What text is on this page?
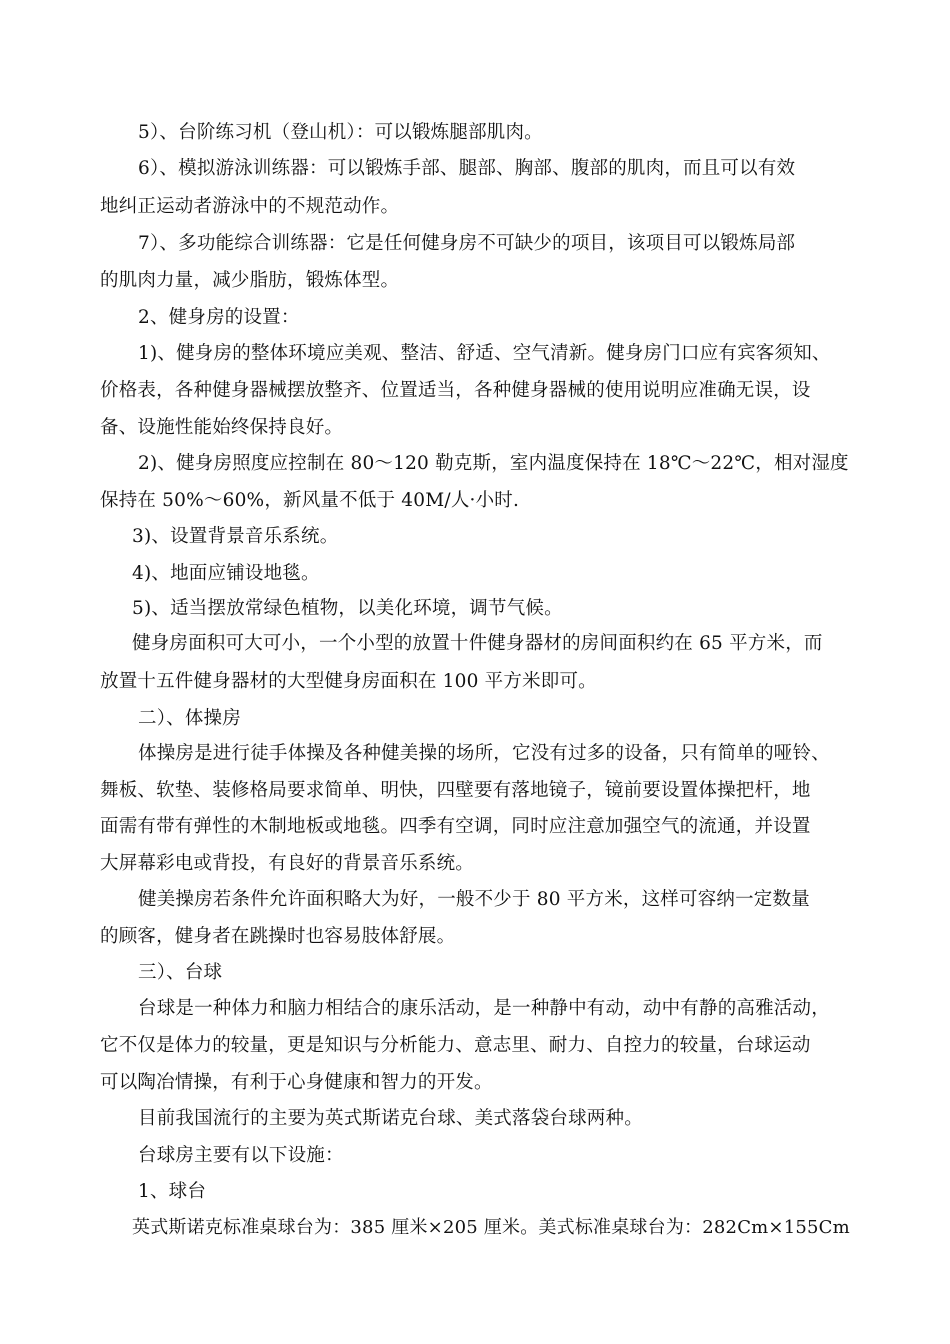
5）、台阶练习机（登山机）：可以锻炼腿部肌肉。
6）、模拟游泳训练器：可以锻炼手部、腿部、胸部、腹部的肌肉，而且可以有效
地纠正运动者游泳中的不规范动作。
7）、多功能综合训练器：它是任何健身房不可缺少的项目，该项目可以锻炼局部
的肌肉力量，减少脂肪，锻炼体型。
2、健身房的设置：
1)、健身房的整体环境应美观、整洁、舒适、空气清新。健身房门口应有宾客须知、
价格表，各种健身器械摆放整齐、位置适当，各种健身器械的使用说明应准确无误，设
备、设施性能始终保持良好。
2)、健身房照度应控制在 80～120 勒克斯，室内温度保持在 18℃～22℃，相对湿度
保持在 50%～60%，新风量不低于 40M/人·小时.
3)、设置背景音乐系统。
4)、地面应铺设地毯。
5)、适当摆放常绿色植物，以美化环境，调节气候。
健身房面积可大可小，一个小型的放置十件健身器材的房间面积约在 65 平方米，而
放置十五件健身器材的大型健身房面积在 100 平方米即可。
二）、体操房
体操房是进行徒手体操及各种健美操的场所，它没有过多的设备，只有简单的哑铃、
舞板、软垫、装修格局要求简单、明快，四壁要有落地镜子，镜前要设置体操把杆，地
面需有带有弹性的木制地板或地毯。四季有空调，同时应注意加强空气的流通，并设置
大屏幕彩电或背投，有良好的背景音乐系统。
健美操房若条件允许面积略大为好，一般不少于 80 平方米，这样可容纳一定数量
的顾客，健身者在跳操时也容易肢体舒展。
三）、台球
台球是一种体力和脑力相结合的康乐活动，是一种静中有动，动中有静的高雅活动，
它不仅是体力的较量，更是知识与分析能力、意志里、耐力、自控力的较量，台球运动
可以陶冶情操，有利于心身健康和智力的开发。
目前我国流行的主要为英式斯诺克台球、美式落袋台球两种。
台球房主要有以下设施：
1、球台
英式斯诺克标准桌球台为：385 厘米×205 厘米。美式标准桌球台为：282Cm×155Cm
